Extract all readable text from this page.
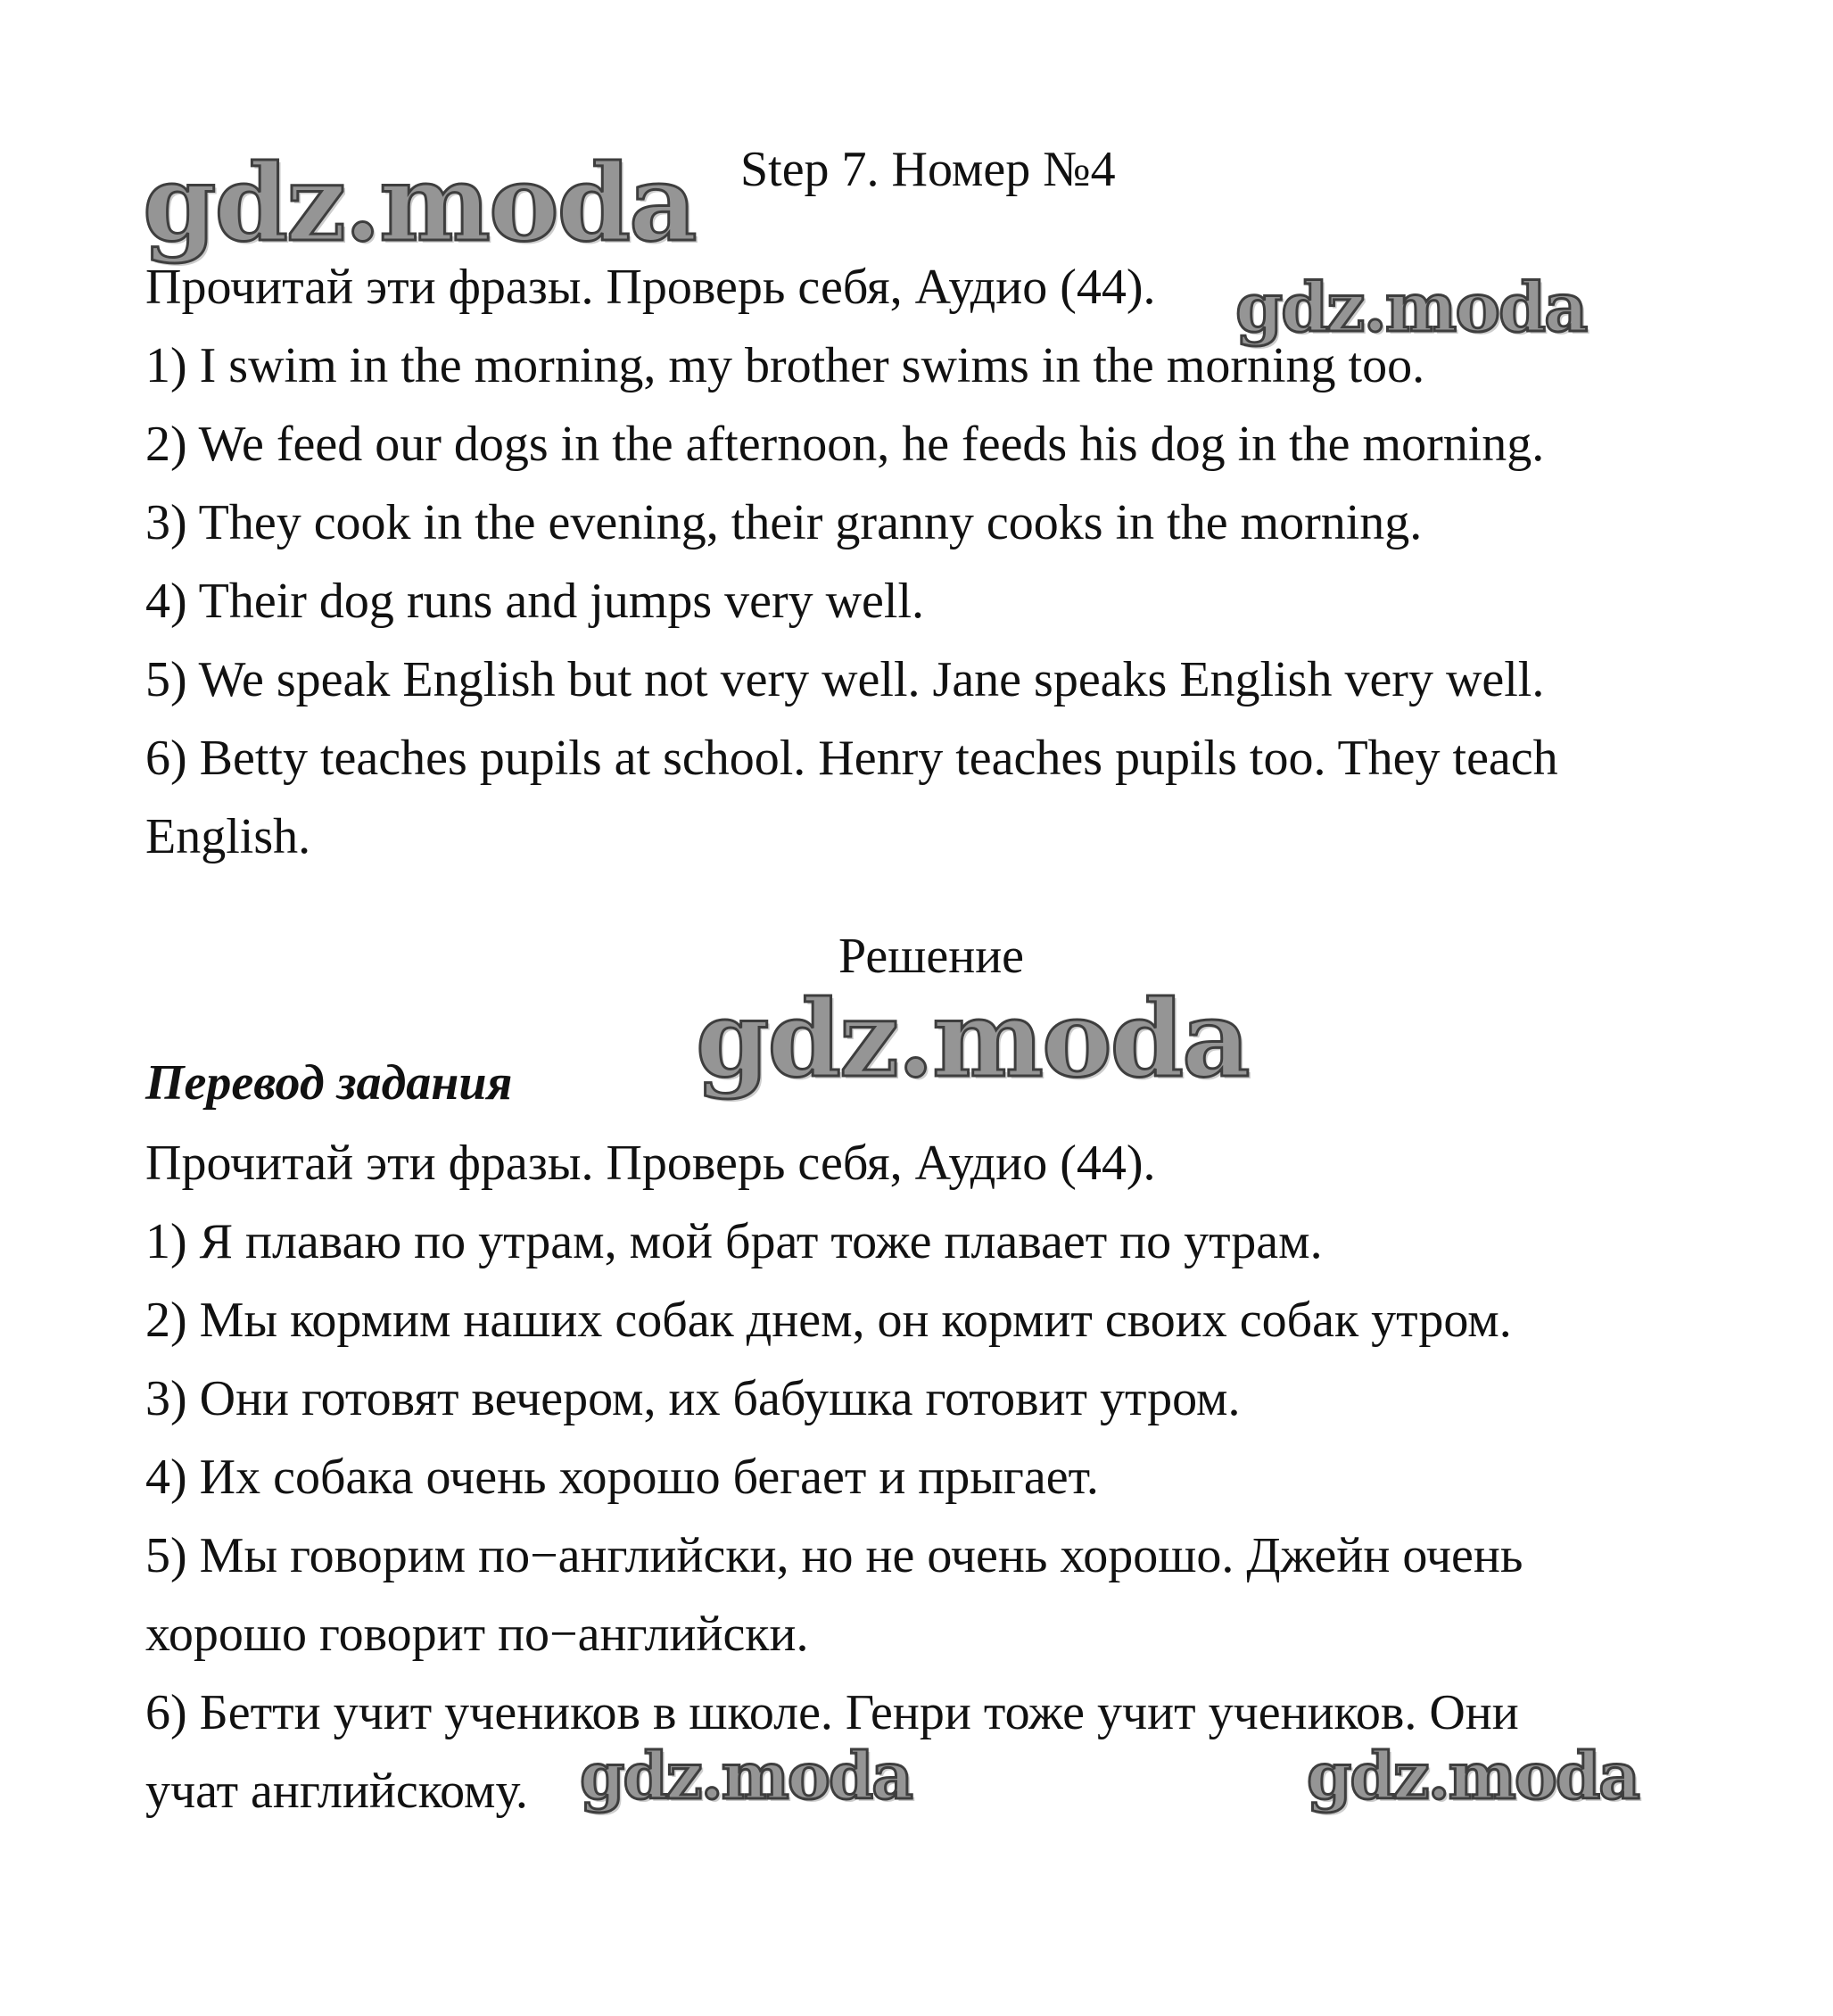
gdz.moda
gdz.moda
gdz.moda
gdz.moda	gdz.moda
Step 7. Номер №4
Прочитай эти фразы. Проверь себя, Аудио (44).
1) I swim in the morning, my brother swims in the morning too.
2) We feed our dogs in the afternoon, he feeds his dog in the morning.
3) They cook in the evening, their granny cooks in the morning.
4) Their dog runs and jumps very well.
5) We speak English but not very well. Jane speaks English very well.
6) Betty teaches pupils at school. Henry teaches pupils too. They teach
English.
Решение
Перевод задания
Прочитай эти фразы. Проверь себя, Аудио (44).
1) Я плаваю по утрам, мой брат тоже плавает по утрам.
2) Мы кормим наших собак днем, он кормит своих собак утром.
3) Они готовят вечером, их бабушка готовит утром.
4) Их собака очень хорошо бегает и прыгает.
5) Мы говорим по−английски, но не очень хорошо. Джейн очень
хорошо говорит по−английски.
6) Бетти учит учеников в школе. Генри тоже учит учеников. Они
учат английскому.
